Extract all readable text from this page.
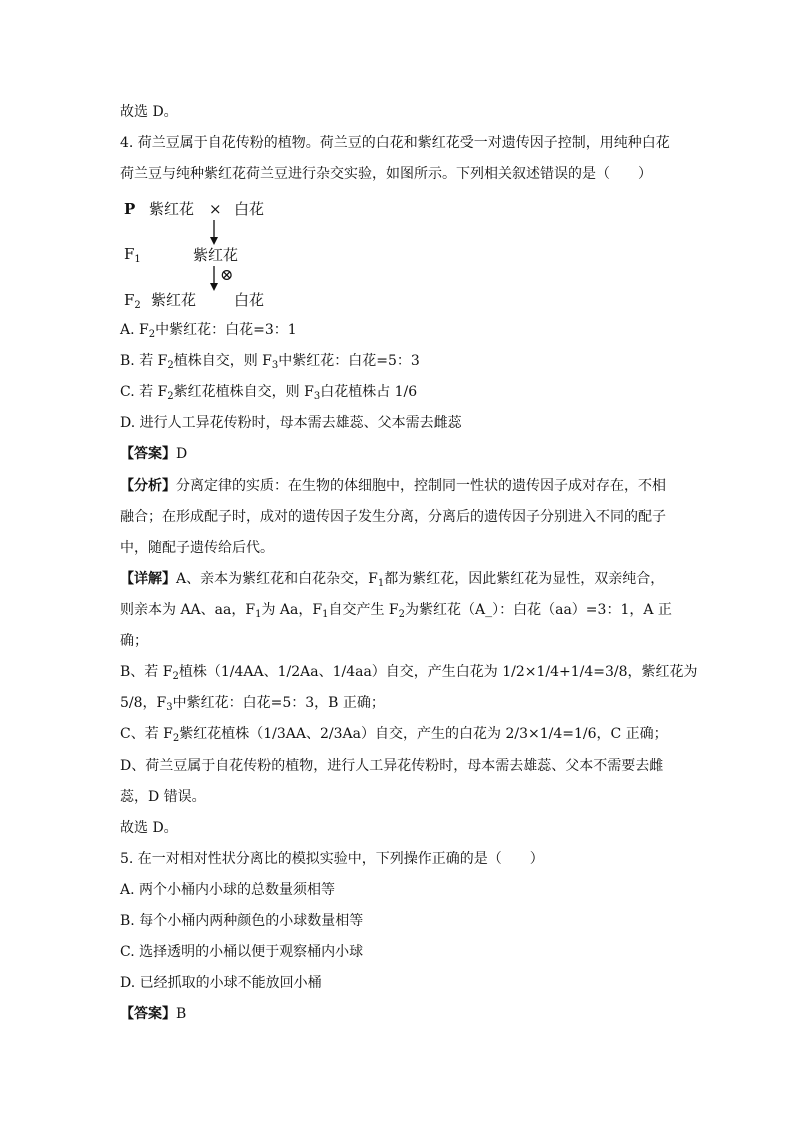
故选 D。
4. 荷兰豆属于自花传粉的植物。荷兰豆的白花和紫红花受一对遗传因子控制，用纯种白花
荷兰豆与纯种紫红花荷兰豆进行杂交实验，如图所示。下列相关叙述错误的是（　　）
P 紫红花 × 白花
$F_1$	紫红花
⊗
$F_2$ 紫红花	白花
A. $F_2$中紫红花：白花=3：1
B. 若 $F_2$植株自交，则 $F_3$中紫红花：白花=5：3
C. 若 $F_2$紫红花植株自交，则 $F_3$白花植株占 1/6
D. 进行人工异花传粉时，母本需去雄蕊、父本需去雌蕊
【答案】D
【分析】分离定律的实质：在生物的体细胞中，控制同一性状的遗传因子成对存在，不相
融合；在形成配子时，成对的遗传因子发生分离，分离后的遗传因子分别进入不同的配子
中，随配子遗传给后代。
【详解】A、亲本为紫红花和白花杂交，$F_1$都为紫红花，因此紫红花为显性，双亲纯合，
则亲本为 AA、aa，$F_1$为 Aa，$F_1$自交产生 $F_2$为紫红花（A_）：白花（aa）=3：1，A 正
确；
B、若 $F_2$植株（1/4AA、1/2Aa、1/4aa）自交，产生白花为 1/2×1/4+1/4=3/8，紫红花为
5/8，$F_3$中紫红花：白花=5：3，B 正确；
C、若 $F_2$紫红花植株（1/3AA、2/3Aa）自交，产生的白花为 2/3×1/4=1/6，C 正确；
D、荷兰豆属于自花传粉的植物，进行人工异花传粉时，母本需去雄蕊、父本不需要去雌
蕊，D 错误。
故选 D。
5. 在一对相对性状分离比的模拟实验中，下列操作正确的是（　　）
A. 两个小桶内小球的总数量须相等
B. 每个小桶内两种颜色的小球数量相等
C. 选择透明的小桶以便于观察桶内小球
D. 已经抓取的小球不能放回小桶
【答案】B
